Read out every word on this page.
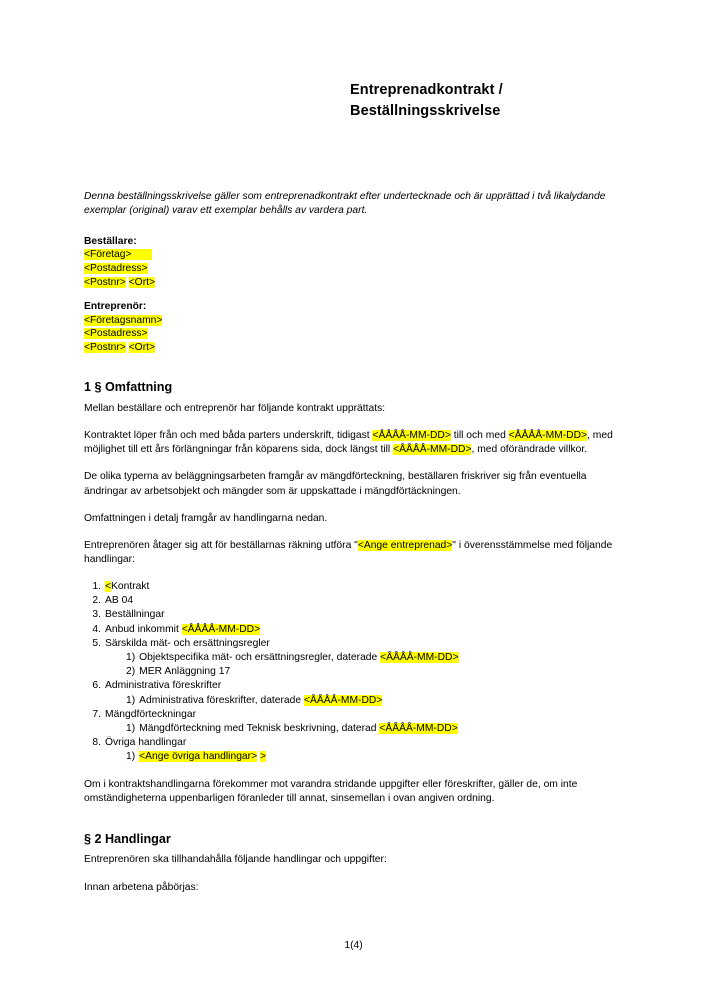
Entreprenadkontrakt /
Beställningsskrivelse

Denna beställningsskrivelse gäller som entreprenadkontrakt efter undertecknade och är upprättad i två likalydande exemplar (original) varav ett exemplar behålls av vardera part.

Beställare:
<Företag>
<Postadress>
<Postnr> <Ort>
Entreprenör:
<Företagsnamn>
<Postadress>
<Postnr> <Ort>
1 § Omfattning

Mellan beställare och entreprenör har följande kontrakt upprättats:

Kontraktet löper från och med båda parters underskrift, tidigast <ÅÅÅÅ-MM-DD> till och med <ÅÅÅÅ-MM-DD>, med möjlighet till ett års förlängningar från köparens sida, dock längst till <ÅÅÅÅ-MM-DD>, med oförändrade villkor.

De olika typerna av beläggningsarbeten framgår av mängdförteckning, beställaren friskriver sig från eventuella ändringar av arbetsobjekt och mängder som är uppskattade i mängdförtäckningen.

Omfattningen i detalj framgår av handlingarna nedan.

Entreprenören åtager sig att för beställarnas räkning utföra "<Ange entreprenad>" i överensstämmelse med följande handlingar:

1. <Kontrakt
2. AB 04
3. Beställningar
4. Anbud inkommit <ÅÅÅÅ-MM-DD>
5. Särskilda mät- och ersättningsregler
1) Objektspecifika mät- och ersättningsregler, daterade <ÅÅÅÅ-MM-DD>
2) MER Anläggning 17
6. Administrativa föreskrifter
1) Administrativa föreskrifter, daterade <ÅÅÅÅ-MM-DD>
7. Mängdförteckningar
1) Mängdförteckning med Teknisk beskrivning, daterad <ÅÅÅÅ-MM-DD>
8. Övriga handlingar
1) <Ange övriga handlingar> >

Om i kontraktshandlingarna förekommer mot varandra stridande uppgifter eller föreskrifter, gäller de, om inte omständigheterna uppenbarligen föranleder till annat, sinsemellan i ovan angiven ordning.

§ 2 Handlingar

Entreprenören ska tillhandahålla följande handlingar och uppgifter:

Innan arbetena påbörjas:

1(4)
